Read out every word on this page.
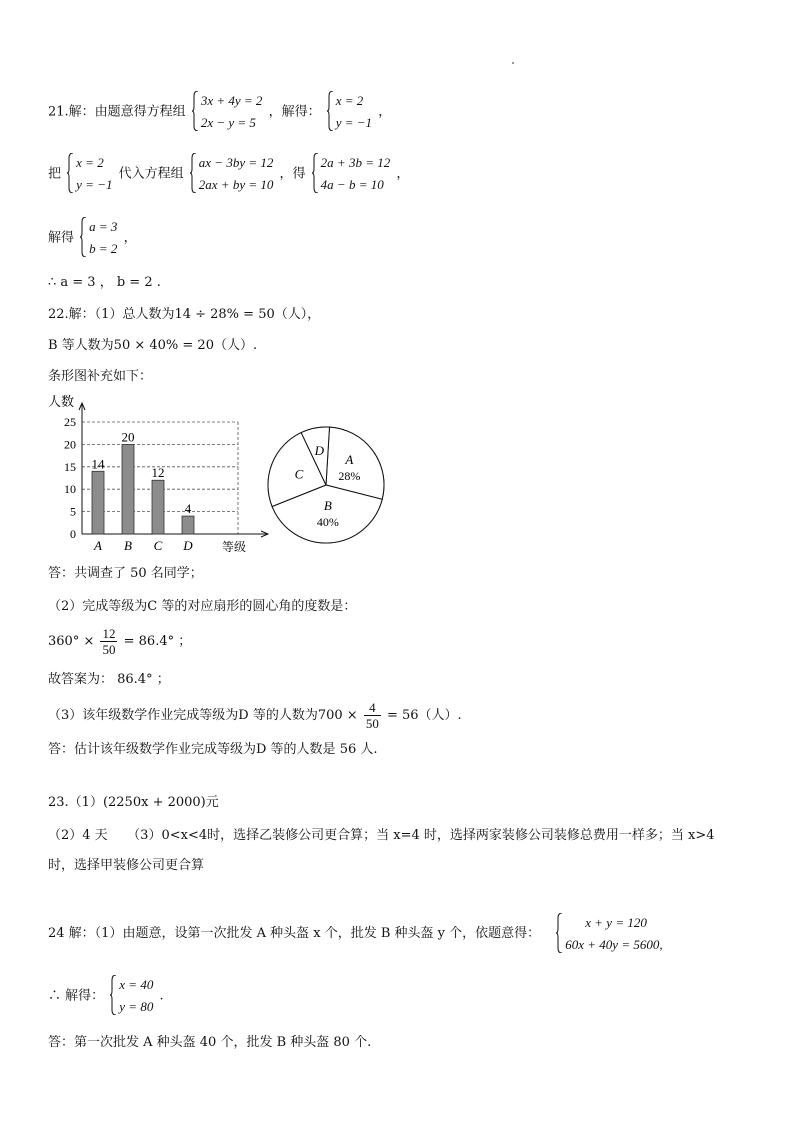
21.解：由题意得方程组
3x + 4y = 2
2x − y = 5
，解得：
x = 2
y = −1
，
把
x = 2
y = −1
代入方程组
ax − 3by = 12
2ax + by = 10
，得
2a + 3b = 12
4a − b = 10
，
解得
a = 3
b = 2
，
∴ a = 3 ， b = 2 .
22.解：（1）总人数为14 ÷ 28% = 50（人），
B 等人数为50 × 40% = 20（人）.
条形图补充如下：
人数
等级
0
5
10
15
20
25
14
A
20
B
12
C
4
D
A
28%
B
40%
C
D
答：共调查了 50 名同学；
（2）完成等级为C 等的对应扇形的圆心角的度数是：
$360^\circ \times \frac{12}{50} = 86.4^\circ$ ；
故答案为： 86.4° ；
（3）该年级数学作业完成等级为D 等的人数为$700 \times \frac{4}{50} = 56$（人）.
答：估计该年级数学作业完成等级为D 等的人数是 56 人.
23.（1）(2250x + 2000)元
（2）4 天　　（3）0<x<4时，选择乙装修公司更合算；当 x=4 时，选择两家装修公司装修总费用一样多；当 x>4
时，选择甲装修公司更合算
24 解：（1）由题意，设第一次批发 A 种头盔 x 个，批发 B 种头盔 y 个，依题意得：
x + y = 120
60x + 40y = 5600,
∴ 解得：
x = 40
y = 80
.
答：第一次批发 A 种头盔 40 个，批发 B 种头盔 80 个.
